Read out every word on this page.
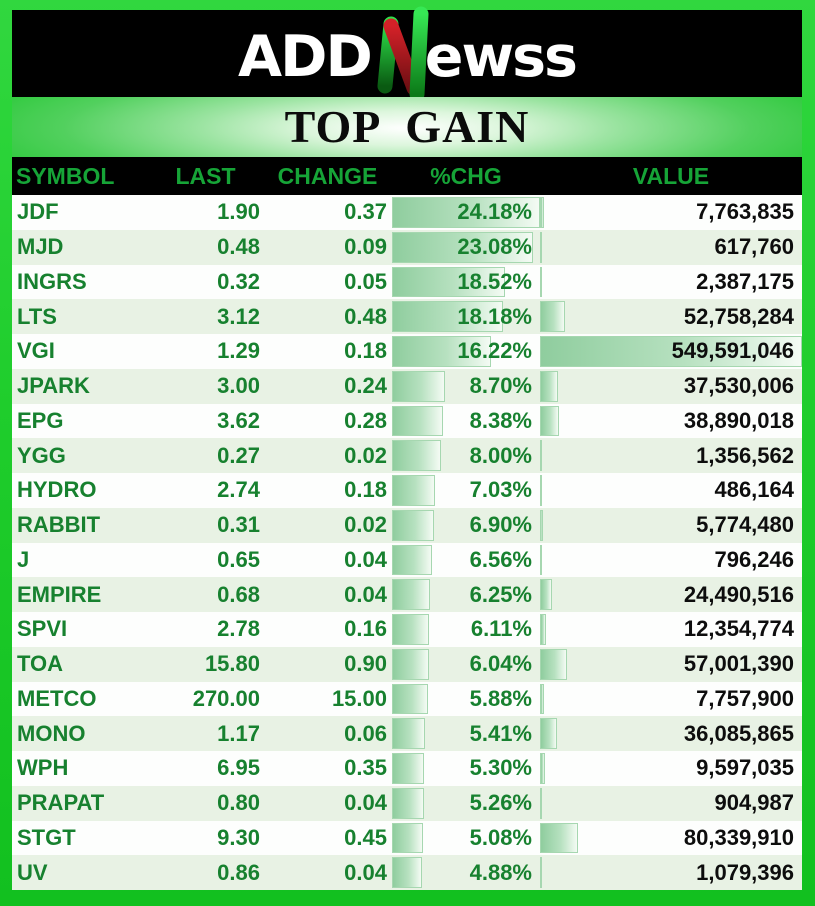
ADD ewss
TOP GAIN
SYMBOL	LAST	CHANGE	%CHG	VALUE
JDF	1.90	0.37	24.18%	7,763,835
MJD	0.48	0.09	23.08%	617,760
INGRS	0.32	0.05	18.52%	2,387,175
LTS	3.12	0.48	18.18%	52,758,284
VGI	1.29	0.18	16.22%	549,591,046
JPARK	3.00	0.24	8.70%	37,530,006
EPG	3.62	0.28	8.38%	38,890,018
YGG	0.27	0.02	8.00%	1,356,562
HYDRO	2.74	0.18	7.03%	486,164
RABBIT	0.31	0.02	6.90%	5,774,480
J	0.65	0.04	6.56%	796,246
EMPIRE	0.68	0.04	6.25%	24,490,516
SPVI	2.78	0.16	6.11%	12,354,774
TOA	15.80	0.90	6.04%	57,001,390
METCO	270.00	15.00	5.88%	7,757,900
MONO	1.17	0.06	5.41%	36,085,865
WPH	6.95	0.35	5.30%	9,597,035
PRAPAT	0.80	0.04	5.26%	904,987
STGT	9.30	0.45	5.08%	80,339,910
UV	0.86	0.04	4.88%	1,079,396
